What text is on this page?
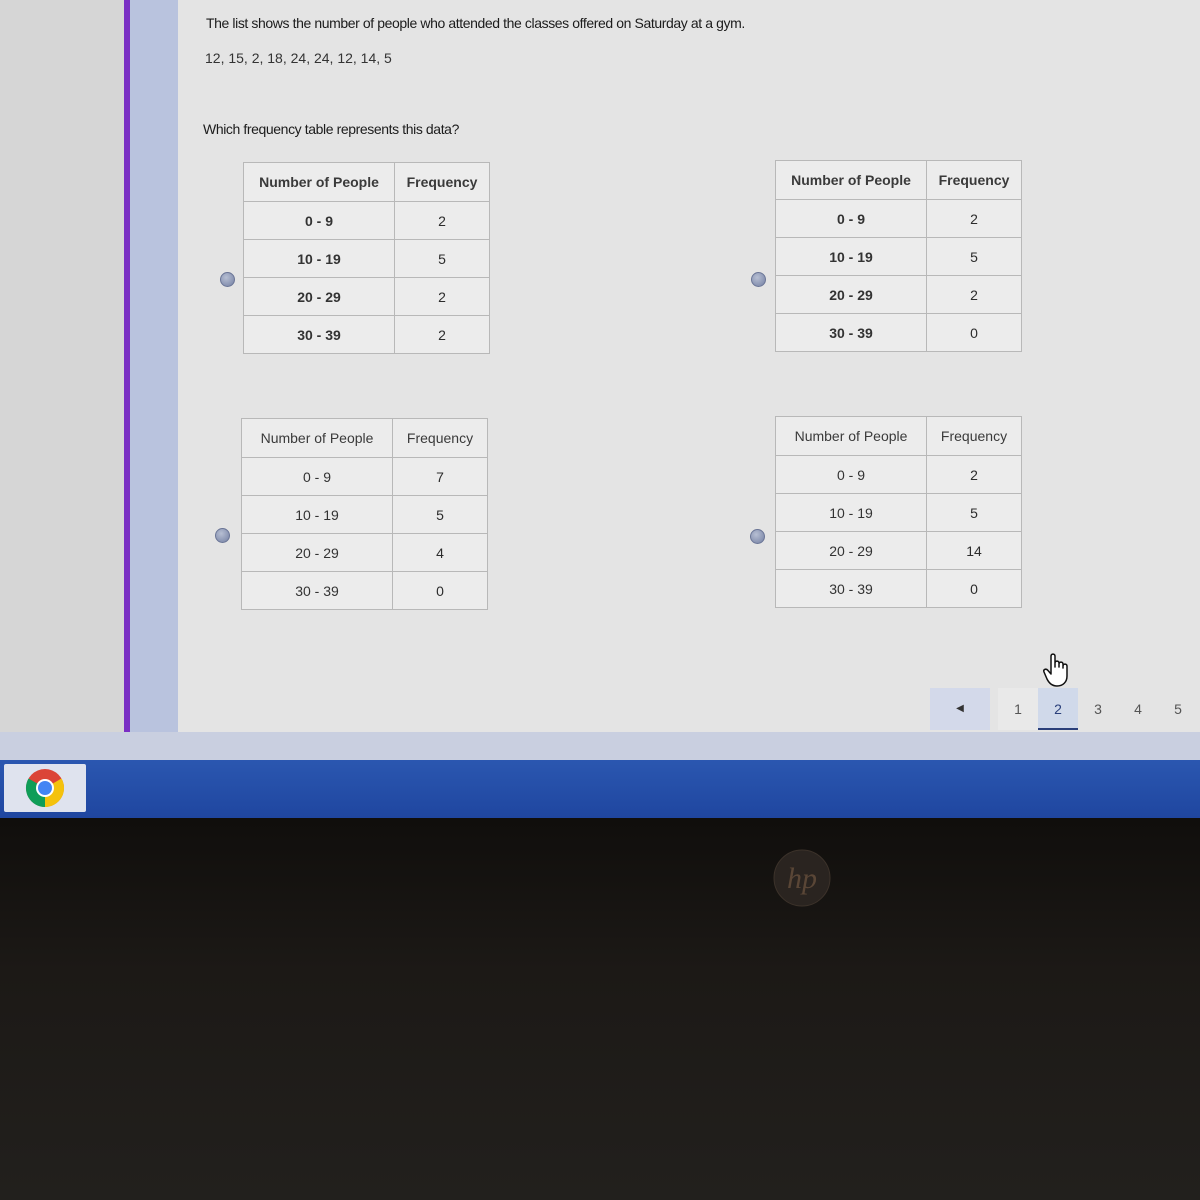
The list shows the number of people who attended the classes offered on Saturday at a gym.
12, 15, 2, 18, 24, 24, 12, 14, 5
Which frequency table represents this data?
Number of People	Frequency
0 - 9	2
10 - 19	5
20 - 29	2
30 - 39	2
Number of People	Frequency
0 - 9	2
10 - 19	5
20 - 29	2
30 - 39	0
Number of People	Frequency
0 - 9	7
10 - 19	5
20 - 29	4
30 - 39	0
Number of People	Frequency
0 - 9	2
10 - 19	5
20 - 29	14
30 - 39	0
◀	1	2	3	4	5
hp
